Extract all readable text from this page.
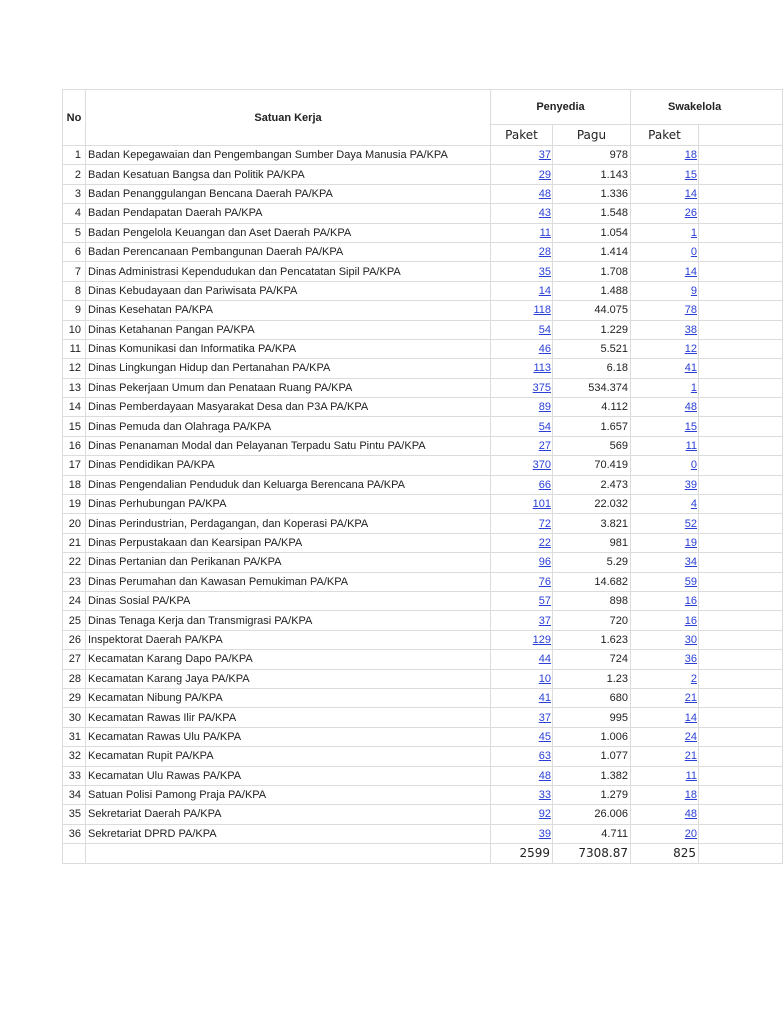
No	Satuan Kerja	Penyedia		Swakelola	
		Paket	Pagu	Paket	
1	Badan Kepegawaian dan Pengembangan Sumber Daya Manusia PA/KPA	37	978	18	
2	Badan Kesatuan Bangsa dan Politik PA/KPA	29	1.143	15	
3	Badan Penanggulangan Bencana Daerah PA/KPA	48	1.336	14	
4	Badan Pendapatan Daerah PA/KPA	43	1.548	26	
5	Badan Pengelola Keuangan dan Aset Daerah PA/KPA	11	1.054	1	
6	Badan Perencanaan Pembangunan Daerah PA/KPA	28	1.414	0	
7	Dinas Administrasi Kependudukan dan Pencatatan Sipil PA/KPA	35	1.708	14	
8	Dinas Kebudayaan dan Pariwisata PA/KPA	14	1.488	9	
9	Dinas Kesehatan PA/KPA	118	44.075	78	
10	Dinas Ketahanan Pangan PA/KPA	54	1.229	38	
11	Dinas Komunikasi dan Informatika PA/KPA	46	5.521	12	
12	Dinas Lingkungan Hidup dan Pertanahan PA/KPA	113	6.18	41	
13	Dinas Pekerjaan Umum dan Penataan Ruang PA/KPA	375	534.374	1	
14	Dinas Pemberdayaan Masyarakat Desa dan P3A PA/KPA	89	4.112	48	
15	Dinas Pemuda dan Olahraga PA/KPA	54	1.657	15	
16	Dinas Penanaman Modal dan Pelayanan Terpadu Satu Pintu PA/KPA	27	569	11	
17	Dinas Pendidikan PA/KPA	370	70.419	0	
18	Dinas Pengendalian Penduduk dan Keluarga Berencana PA/KPA	66	2.473	39	
19	Dinas Perhubungan PA/KPA	101	22.032	4	
20	Dinas Perindustrian, Perdagangan, dan Koperasi PA/KPA	72	3.821	52	
21	Dinas Perpustakaan dan Kearsipan PA/KPA	22	981	19	
22	Dinas Pertanian dan Perikanan PA/KPA	96	5.29	34	
23	Dinas Perumahan dan Kawasan Pemukiman PA/KPA	76	14.682	59	
24	Dinas Sosial PA/KPA	57	898	16	
25	Dinas Tenaga Kerja dan Transmigrasi PA/KPA	37	720	16	
26	Inspektorat Daerah PA/KPA	129	1.623	30	
27	Kecamatan Karang Dapo PA/KPA	44	724	36	
28	Kecamatan Karang Jaya PA/KPA	10	1.23	2	
29	Kecamatan Nibung PA/KPA	41	680	21	
30	Kecamatan Rawas Ilir PA/KPA	37	995	14	
31	Kecamatan Rawas Ulu PA/KPA	45	1.006	24	
32	Kecamatan Rupit PA/KPA	63	1.077	21	
33	Kecamatan Ulu Rawas PA/KPA	48	1.382	11	
34	Satuan Polisi Pamong Praja PA/KPA	33	1.279	18	
35	Sekretariat Daerah PA/KPA	92	26.006	48	
36	Sekretariat DPRD PA/KPA	39	4.711	20	
		2599	7308.87	825	
